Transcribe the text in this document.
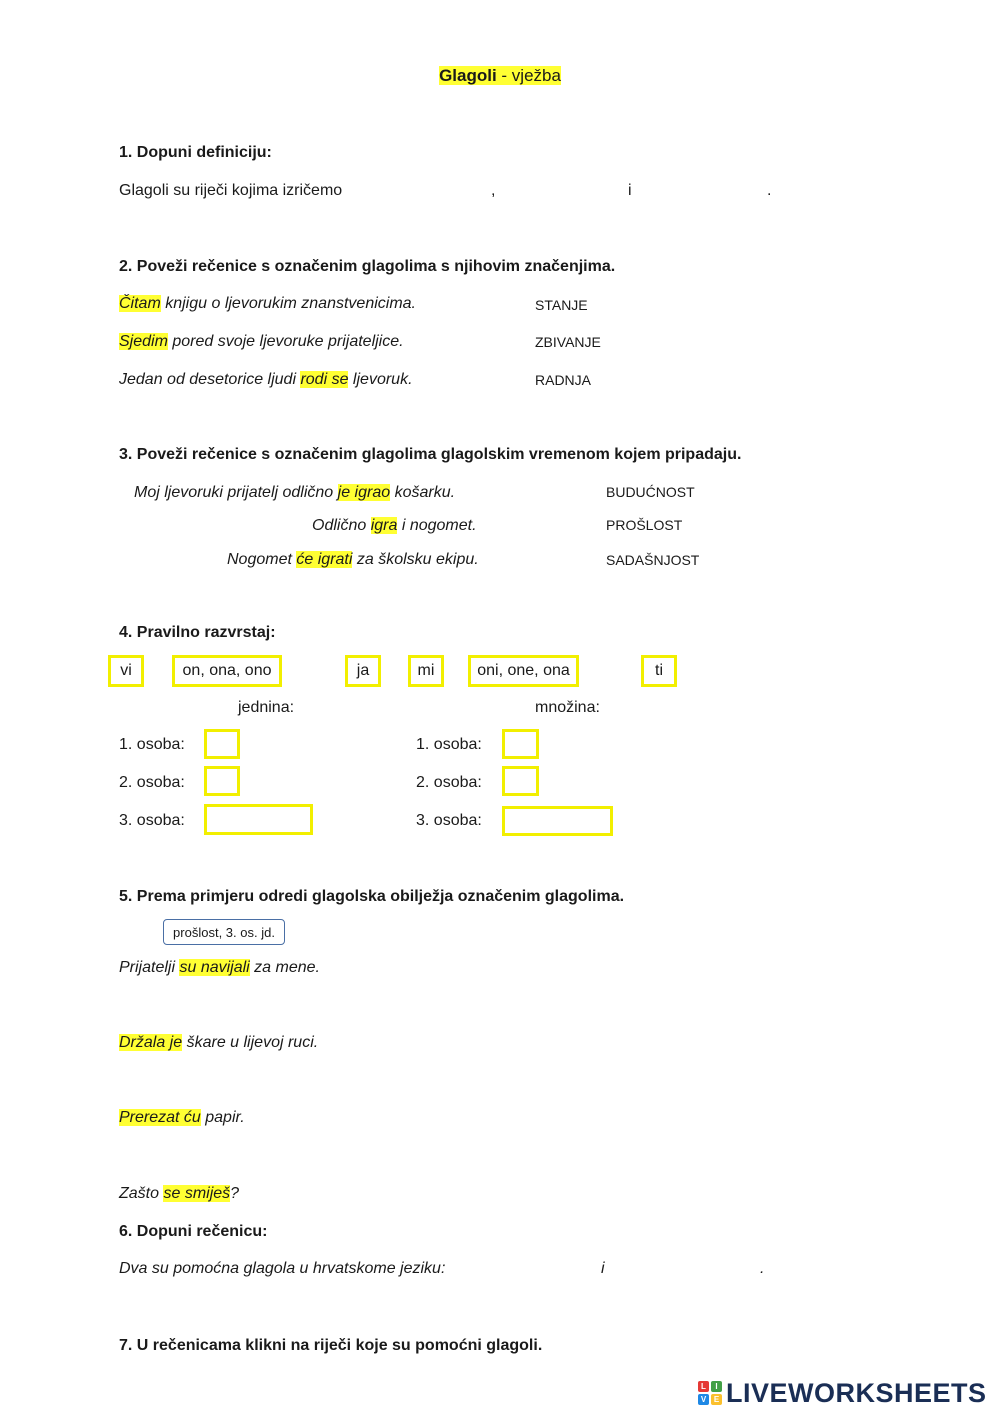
Glagoli - vježba
1. Dopuni definiciju:
Glagoli su riječi kojima izričemo	,	i	.
2. Poveži rečenice s označenim glagolima s njihovim značenjima.
Čitam knjigu o ljevorukim znanstvenicima.
Sjedim pored svoje ljevoruke prijateljice.
Jedan od desetorice ljudi rodi se ljevoruk.
STANJE
ZBIVANJE
RADNJA
3. Poveži rečenice s označenim glagolima glagolskim vremenom kojem pripadaju.
Moj ljevoruki prijatelj odlično je igrao košarku.
Odlično igra i nogomet.
Nogomet će igrati za školsku ekipu.
BUDUĆNOST
PROŠLOST
SADAŠNJOST
4. Pravilno razvrstaj:
vi	on, ona, ono	ja	mi	oni, one, ona	ti
jednina:	množina:
1. osoba:
2. osoba:
3. osoba:
1. osoba:
2. osoba:
3. osoba:
5. Prema primjeru odredi glagolska obilježja označenim glagolima.
prošlost, 3. os. jd.
Prijatelji su navijali za mene.
Držala je škare u lijevoj ruci.
Prerezat ću papir.
Zašto se smiješ?
6. Dopuni rečenicu:
Dva su pomoćna glagola u hrvatskome jeziku:	i	.
7. U rečenicama klikni na riječi koje su pomoćni glagoli.
L	I
V E LIVEWORKSHEETS
